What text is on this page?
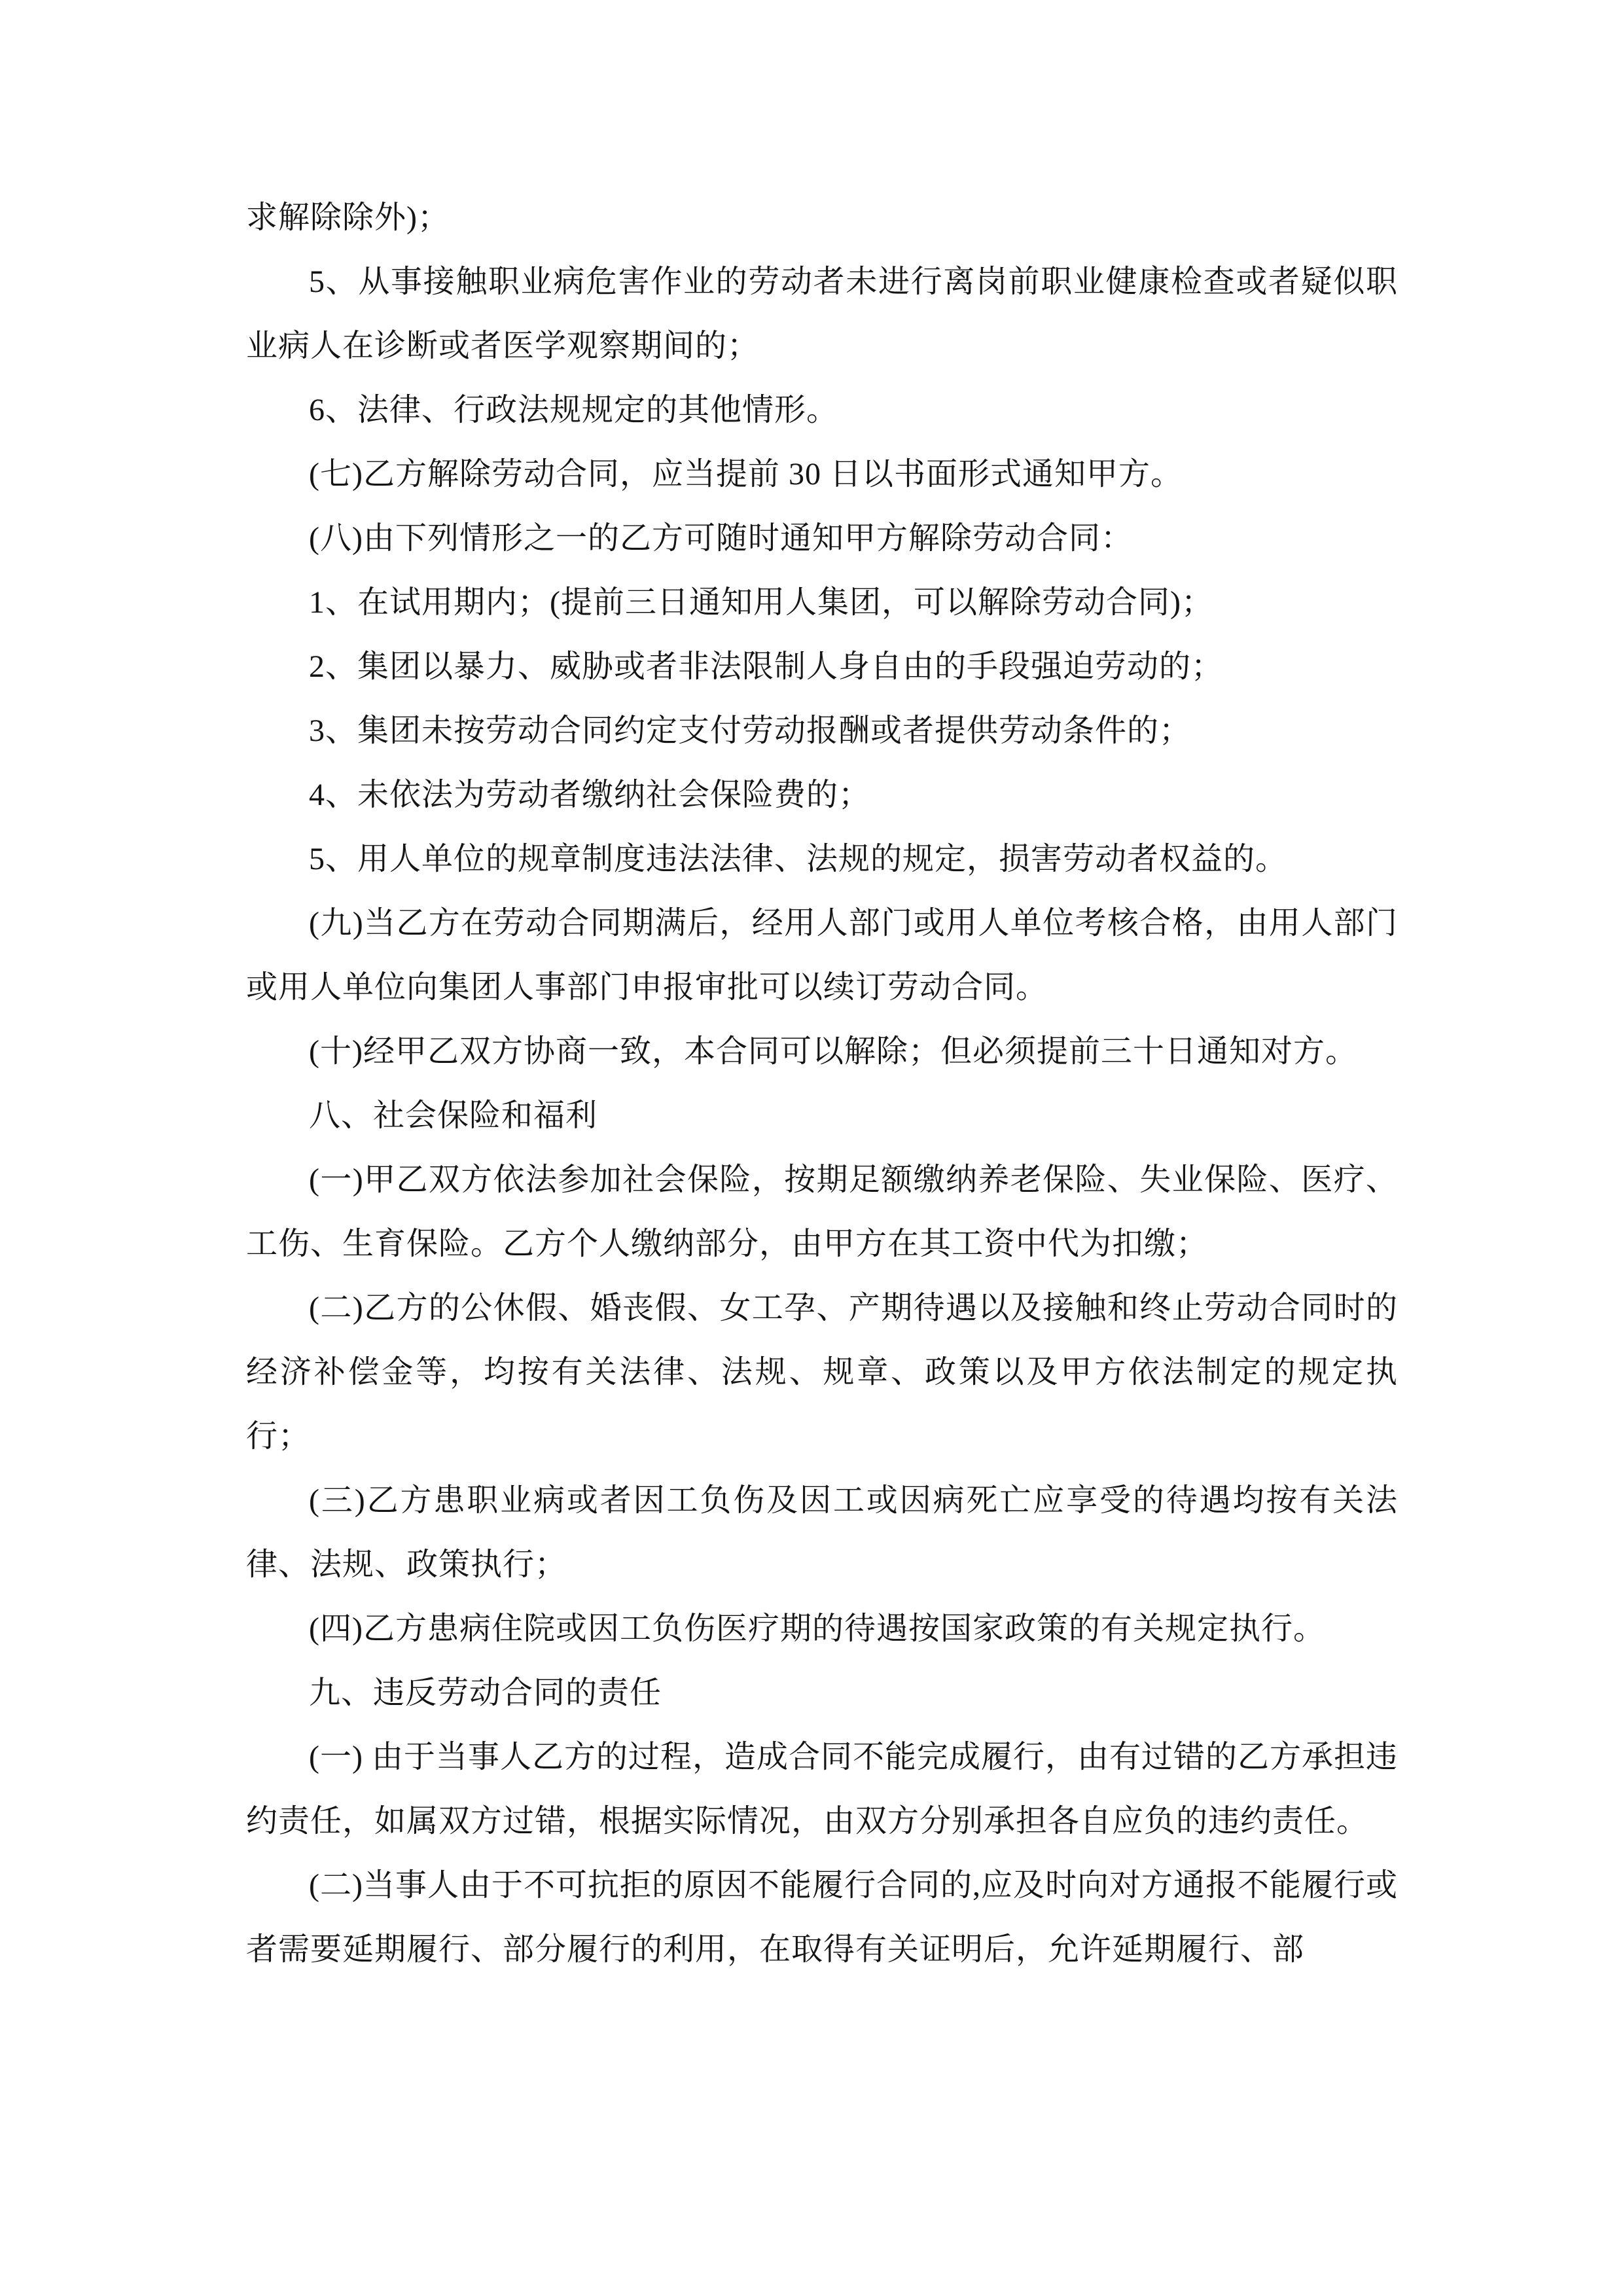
求解除除外)；

5、从事接触职业病危害作业的劳动者未进行离岗前职业健康检查或者疑似职业病人在诊断或者医学观察期间的；

6、法律、行政法规规定的其他情形。

(七)乙方解除劳动合同，应当提前 30 日以书面形式通知甲方。

(八)由下列情形之一的乙方可随时通知甲方解除劳动合同：

1、在试用期内；(提前三日通知用人集团，可以解除劳动合同)；

2、集团以暴力、威胁或者非法限制人身自由的手段强迫劳动的；

3、集团未按劳动合同约定支付劳动报酬或者提供劳动条件的；

4、未依法为劳动者缴纳社会保险费的；

5、用人单位的规章制度违法法律、法规的规定，损害劳动者权益的。

(九)当乙方在劳动合同期满后，经用人部门或用人单位考核合格，由用人部门或用人单位向集团人事部门申报审批可以续订劳动合同。

(十)经甲乙双方协商一致，本合同可以解除；但必须提前三十日通知对方。

八、社会保险和福利

(一)甲乙双方依法参加社会保险，按期足额缴纳养老保险、失业保险、医疗、工伤、生育保险。乙方个人缴纳部分，由甲方在其工资中代为扣缴；

(二)乙方的公休假、婚丧假、女工孕、产期待遇以及接触和终止劳动合同时的经济补偿金等，均按有关法律、法规、规章、政策以及甲方依法制定的规定执行；

(三)乙方患职业病或者因工负伤及因工或因病死亡应享受的待遇均按有关法律、法规、政策执行；

(四)乙方患病住院或因工负伤医疗期的待遇按国家政策的有关规定执行。

九、违反劳动合同的责任

(一) 由于当事人乙方的过程，造成合同不能完成履行，由有过错的乙方承担违约责任，如属双方过错，根据实际情况，由双方分别承担各自应负的违约责任。

(二)当事人由于不可抗拒的原因不能履行合同的,应及时向对方通报不能履行或者需要延期履行、部分履行的利用，在取得有关证明后，允许延期履行、部
